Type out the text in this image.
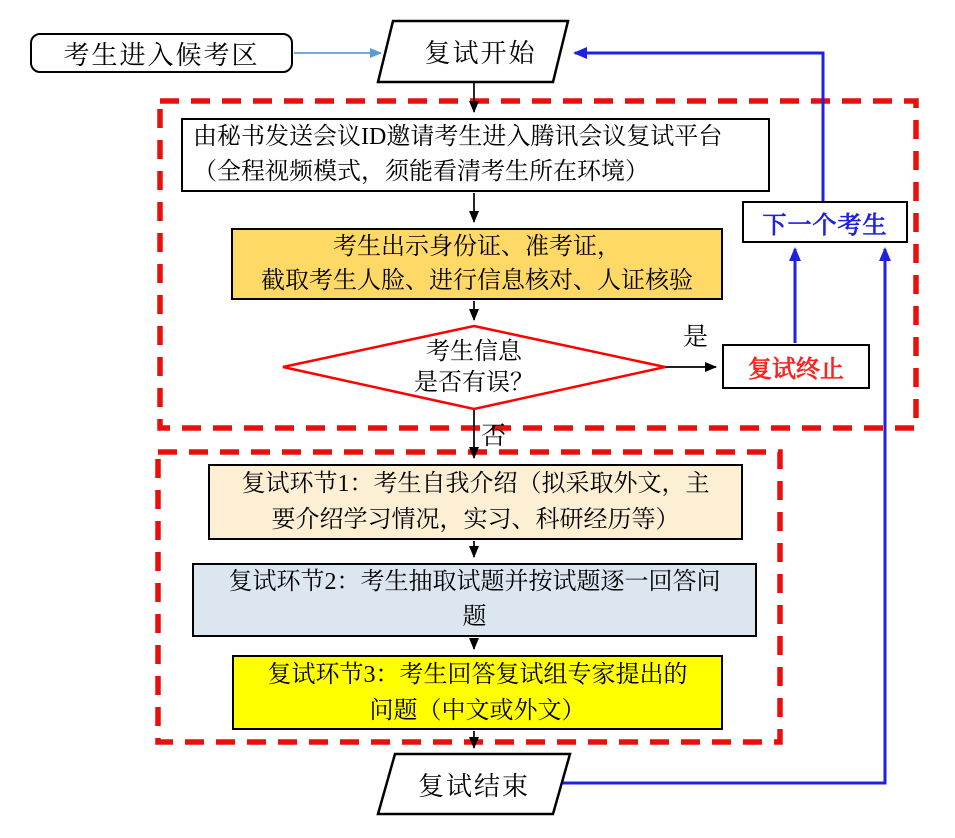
考生进入候考区	复试开始
由秘书发送会议ID邀请考生进入腾讯会议复试平台
（全程视频模式，须能看清考生所在环境）
考生出示身份证、准考证，
截取考生人脸、进行信息核对、人证核验
考生信息
是否有误？
是
否
复试终止
下一个考生
复试环节1：考生自我介绍（拟采取外文，主
要介绍学习情况，实习、科研经历等）
复试环节2：考生抽取试题并按试题逐一回答问
题
复试环节3：考生回答复试组专家提出的
问题（中文或外文）
复试结束
